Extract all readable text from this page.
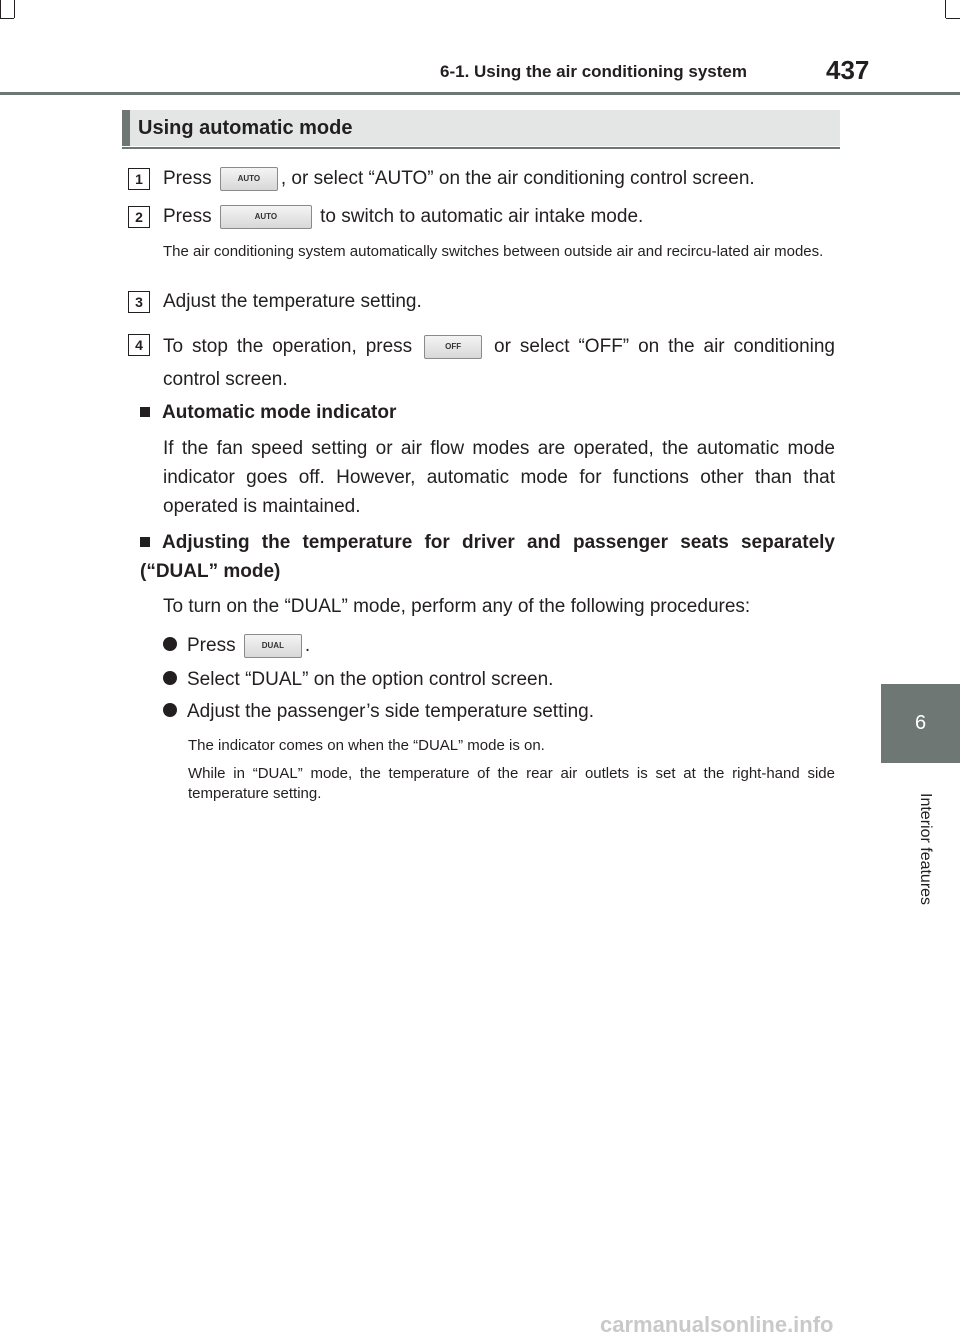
6-1. Using the air conditioning system	437
6
Interior features
Using automatic mode
1	Press	AUTO , or select “AUTO” on the air conditioning control screen.
2	Press	AUTO to switch to automatic air intake mode.
The air conditioning system automatically switches between outside air and recircu-lated air modes.
3	Adjust the temperature setting.
4	To stop the operation, press	OFF or select “OFF” on the air conditioning control screen.
Automatic mode indicator
If the fan speed setting or air flow modes are operated, the automatic mode indicator goes off. However, automatic mode for functions other than that operated is maintained.
Adjusting the temperature for driver and passenger seats separately (“DUAL” mode)
To turn on the “DUAL” mode, perform any of the following procedures:
Press	DUAL .
Select “DUAL” on the option control screen.
Adjust the passenger’s side temperature setting.
The indicator comes on when the “DUAL” mode is on.
While in “DUAL” mode, the temperature of the rear air outlets is set at the right-hand side temperature setting.
carmanualsonline.info
